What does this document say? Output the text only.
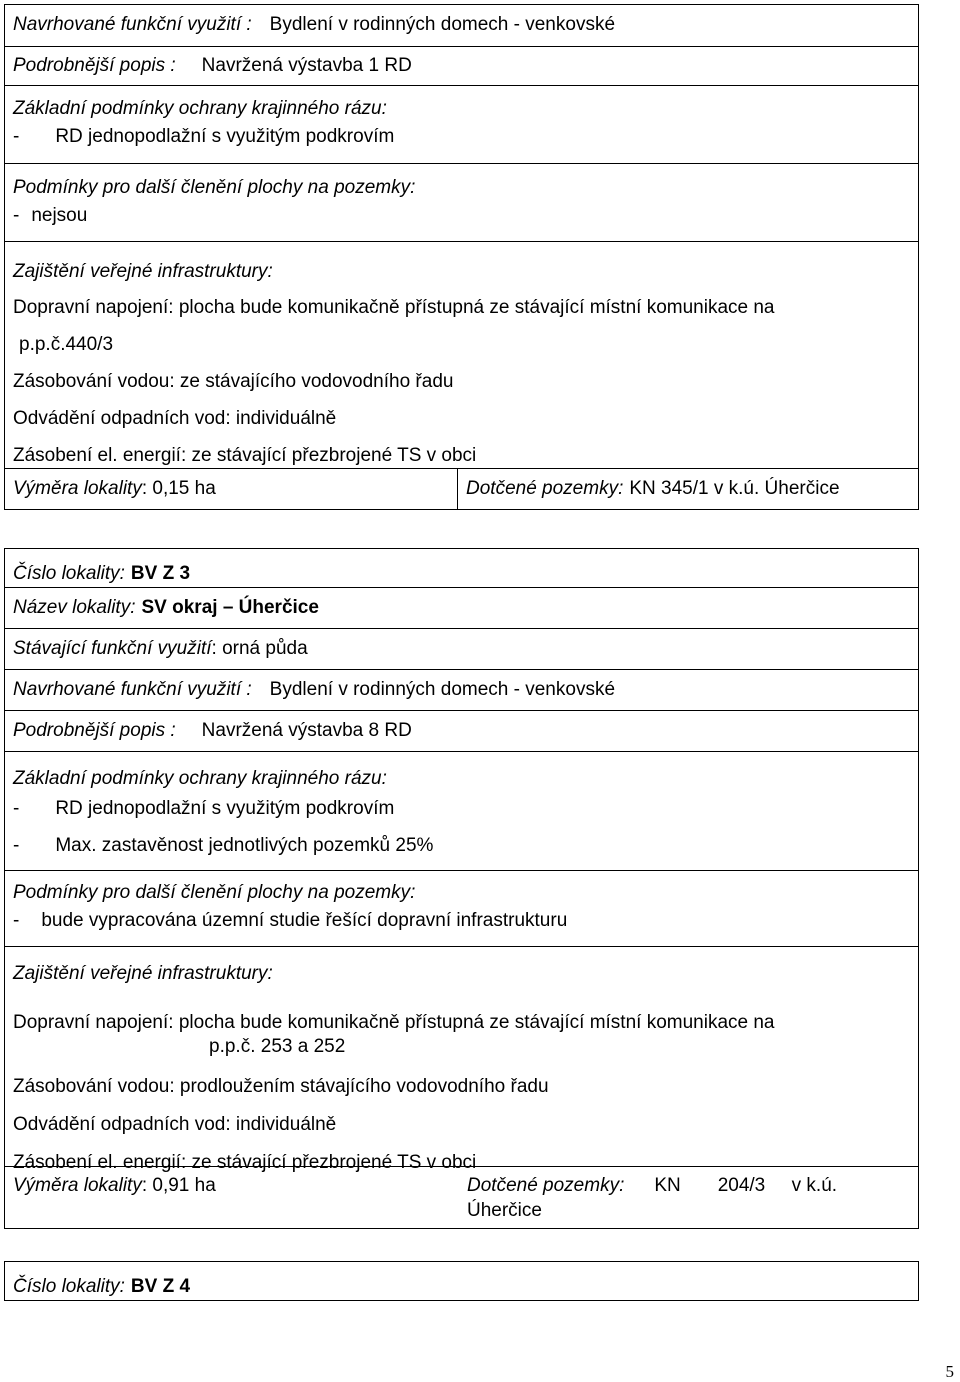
Navrhované funkční využití : Bydlení v rodinných domech - venkovské
Podrobnější popis : Navržená výstavba 1 RD
Základní podmínky ochrany krajinného rázu:
- RD jednopodlažní s využitým podkrovím
Podmínky pro další členění plochy na pozemky:
- nejsou
Zajištění veřejné infrastruktury:
Dopravní napojení: plocha bude komunikačně přístupná ze stávající místní komunikace na
p.p.č.440/3
Zásobování vodou: ze stávajícího vodovodního řadu
Odvádění odpadních vod: individuálně
Zásobení el. energií: ze stávající přezbrojené TS v obci
Výměra lokality : 0,15 ha	Dotčené pozemky: KN 345/1 v k.ú. Úherčice
Číslo lokality: BV Z 3
Název lokality: SV okraj – Úherčice
Stávající funkční využití : orná půda
Navrhované funkční využití : Bydlení v rodinných domech - venkovské
Podrobnější popis : Navržená výstavba 8 RD
Základní podmínky ochrany krajinného rázu:
- RD jednopodlažní s využitým podkrovím
- Max. zastavěnost jednotlivých pozemků 25%
Podmínky pro další členění plochy na pozemky:
- bude vypracována územní studie řešící dopravní infrastrukturu
Zajištění veřejné infrastruktury:
Dopravní napojení: plocha bude komunikačně přístupná ze stávající místní komunikace na
p.p.č. 253 a 252
Zásobování vodou: prodloužením stávajícího vodovodního řadu
Odvádění odpadních vod: individuálně
Zásobení el. energií: ze stávající přezbrojené TS v obci
Výměra lokality : 0,91 ha	Dotčené pozemky: KN       204/3     v k.ú.
Úherčice
Číslo lokality: BV Z 4
5
